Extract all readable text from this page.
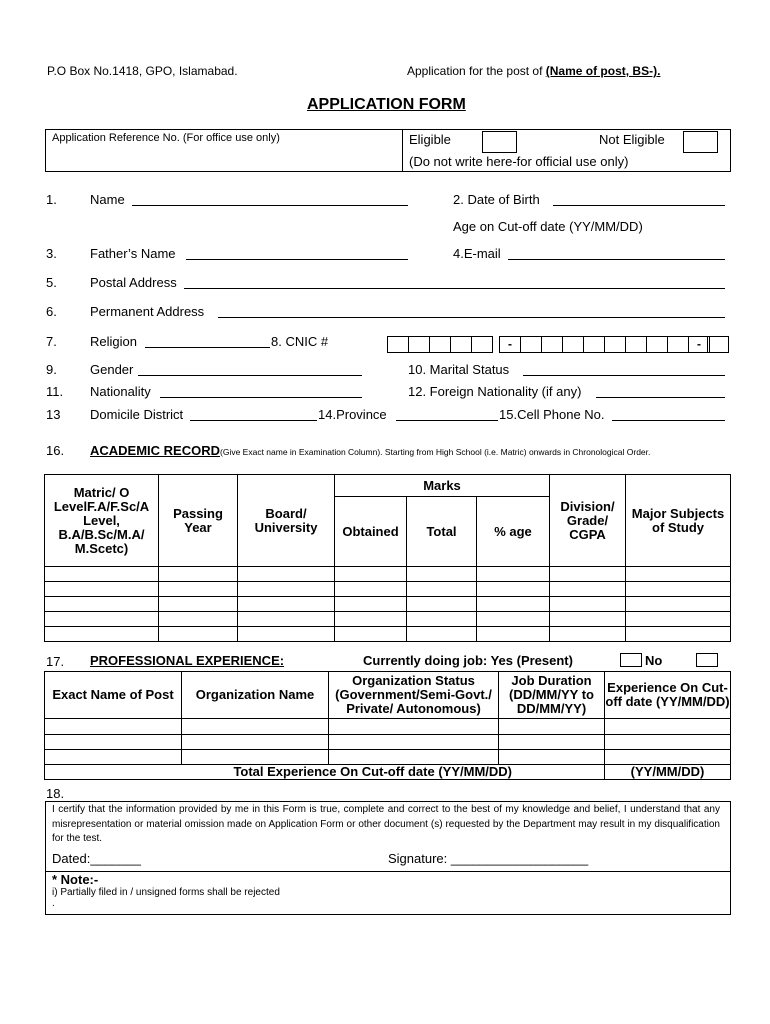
P.O Box No.1418, GPO, Islamabad.	Application for the post of (Name of post, BS-).
APPLICATION FORM
Application Reference No. (For office use only)	Eligible	Not Eligible
(Do not write here-for official use only)
1.	Name	2. Date of Birth
Age on Cut-off date (YY/MM/DD)
3.	Father’s Name	4.E-mail
5.	Postal Address
6.	Permanent Address
7.	Religion	8. CNIC #
					-									-
9.	Gender	10. Marital Status
11. Nationality	12. Foreign Nationality (if any)
13 Domicile District	14.Province	15.Cell Phone No.
16. ACADEMIC RECORD(Give Exact name in Examination Column). Starting from High School (i.e. Matric) onwards in Chronological Order.
Matric/ O LevelF.A/F.Sc/A Level, B.A/B.Sc/M.A/ M.Scetc)	Passing Year	Board/ University	Marks			Division/ Grade/ CGPA	Major Subjects of Study
			Obtained	Total	% age		

17. PROFESSIONAL EXPERIENCE:	Currently doing job: Yes (Present)	No
Exact Name of Post	Organization Name	Organization Status (Government/Semi-Govt./ Private/ Autonomous)	Job Duration (DD/MM/YY to DD/MM/YY)	Experience On Cut-off date (YY/MM/DD)

Total Experience On Cut-off date (YY/MM/DD)				(YY/MM/DD)
18.
I certify that the information provided by me in this Form is true, complete and correct to the best of my knowledge and belief, I understand that any misrepresentation or material omission made on Application Form or other document (s) requested by the Department may result in my disqualification for the test.
Dated:_______	Signature: ___________________
* Note:-
i) Partially filed in / unsigned forms shall be rejected
.
